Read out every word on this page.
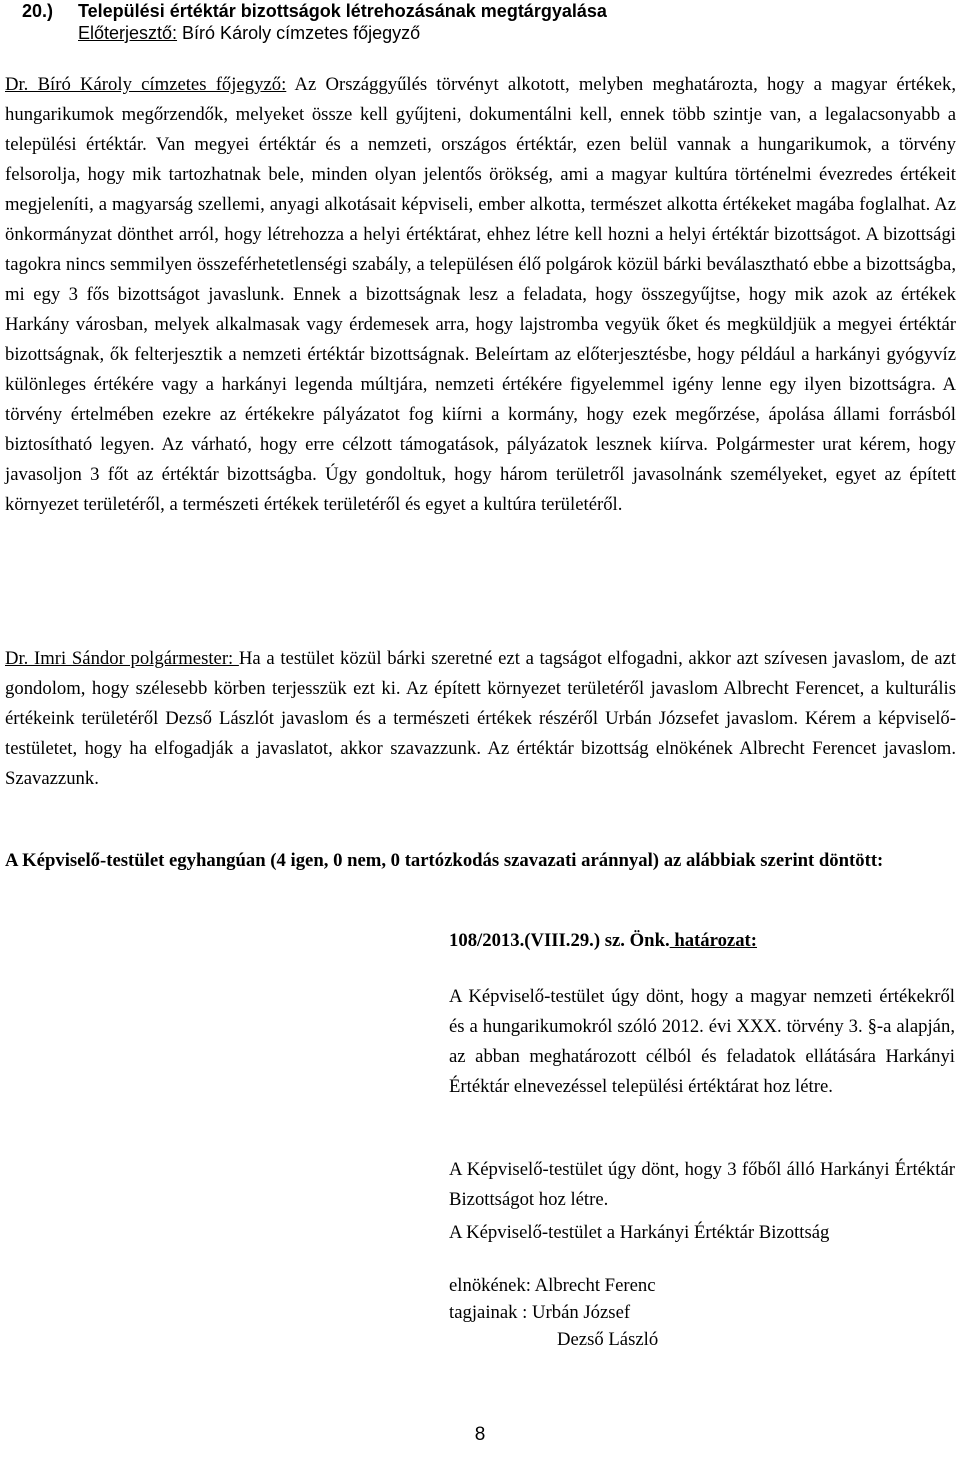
20.) Települési értéktár bizottságok létrehozásának megtárgyalása
Előterjesztő: Bíró Károly címzetes főjegyző
Dr. Bíró Károly címzetes főjegyző: Az Országgyűlés törvényt alkotott, melyben meghatározta, hogy a magyar értékek, hungarikumok megőrzendők, melyeket össze kell gyűjteni, dokumentálni kell, ennek több szintje van, a legalacsonyabb a települési értéktár. Van megyei értéktár és a nemzeti, országos értéktár, ezen belül vannak a hungarikumok, a törvény felsorolja, hogy mik tartozhatnak bele, minden olyan jelentős örökség, ami a magyar kultúra történelmi évezredes értékeit megjeleníti, a magyarság szellemi, anyagi alkotásait képviseli, ember alkotta, természet alkotta értékeket magába foglalhat. Az önkormányzat dönthet arról, hogy létrehozza a helyi értéktárat, ehhez létre kell hozni a helyi értéktár bizottságot. A bizottsági tagokra nincs semmilyen összeférhetetlenségi szabály, a településen élő polgárok közül bárki beválasztható ebbe a bizottságba, mi egy 3 fős bizottságot javaslunk. Ennek a bizottságnak lesz a feladata, hogy összegyűjtse, hogy mik azok az értékek Harkány városban, melyek alkalmasak vagy érdemesek arra, hogy lajstromba vegyük őket és megküldjük a megyei értéktár bizottságnak, ők felterjesztik a nemzeti értéktár bizottságnak. Beleírtam az előterjesztésbe, hogy például a harkányi gyógyvíz különleges értékére vagy a harkányi legenda múltjára, nemzeti értékére figyelemmel igény lenne egy ilyen bizottságra. A törvény értelmében ezekre az értékekre pályázatot fog kiírni a kormány, hogy ezek megőrzése, ápolása állami forrásból biztosítható legyen. Az várható, hogy erre célzott támogatások, pályázatok lesznek kiírva. Polgármester urat kérem, hogy javasoljon 3 főt az értéktár bizottságba. Úgy gondoltuk, hogy három területről javasolnánk személyeket, egyet az épített környezet területéről, a természeti értékek területéről és egyet a kultúra területéről.
Dr. Imri Sándor polgármester: Ha a testület közül bárki szeretné ezt a tagságot elfogadni, akkor azt szívesen javaslom, de azt gondolom, hogy szélesebb körben terjesszük ezt ki. Az épített környezet területéről javaslom Albrecht Ferencet, a kulturális értékeink területéről Dezső Lászlót javaslom és a természeti értékek részéről Urbán Józsefet javaslom. Kérem a képviselő-testületet, hogy ha elfogadják a javaslatot, akkor szavazzunk. Az értéktár bizottság elnökének Albrecht Ferencet javaslom. Szavazzunk.
A Képviselő-testület egyhangúan (4 igen, 0 nem, 0 tartózkodás szavazati aránnyal) az alábbiak szerint döntött:
108/2013.(VIII.29.) sz. Önk. határozat:
A Képviselő-testület úgy dönt, hogy a magyar nemzeti értékekről és a hungarikumokról szóló 2012. évi XXX. törvény 3. §-a alapján, az abban meghatározott célból és feladatok ellátására Harkányi Értéktár elnevezéssel települési értéktárat hoz létre.
A Képviselő-testület úgy dönt, hogy 3 főből álló Harkányi Értéktár Bizottságot hoz létre.
A Képviselő-testület a Harkányi Értéktár Bizottság
elnökének: Albrecht Ferenc
tagjainak : Urbán József
Dezső László
8
